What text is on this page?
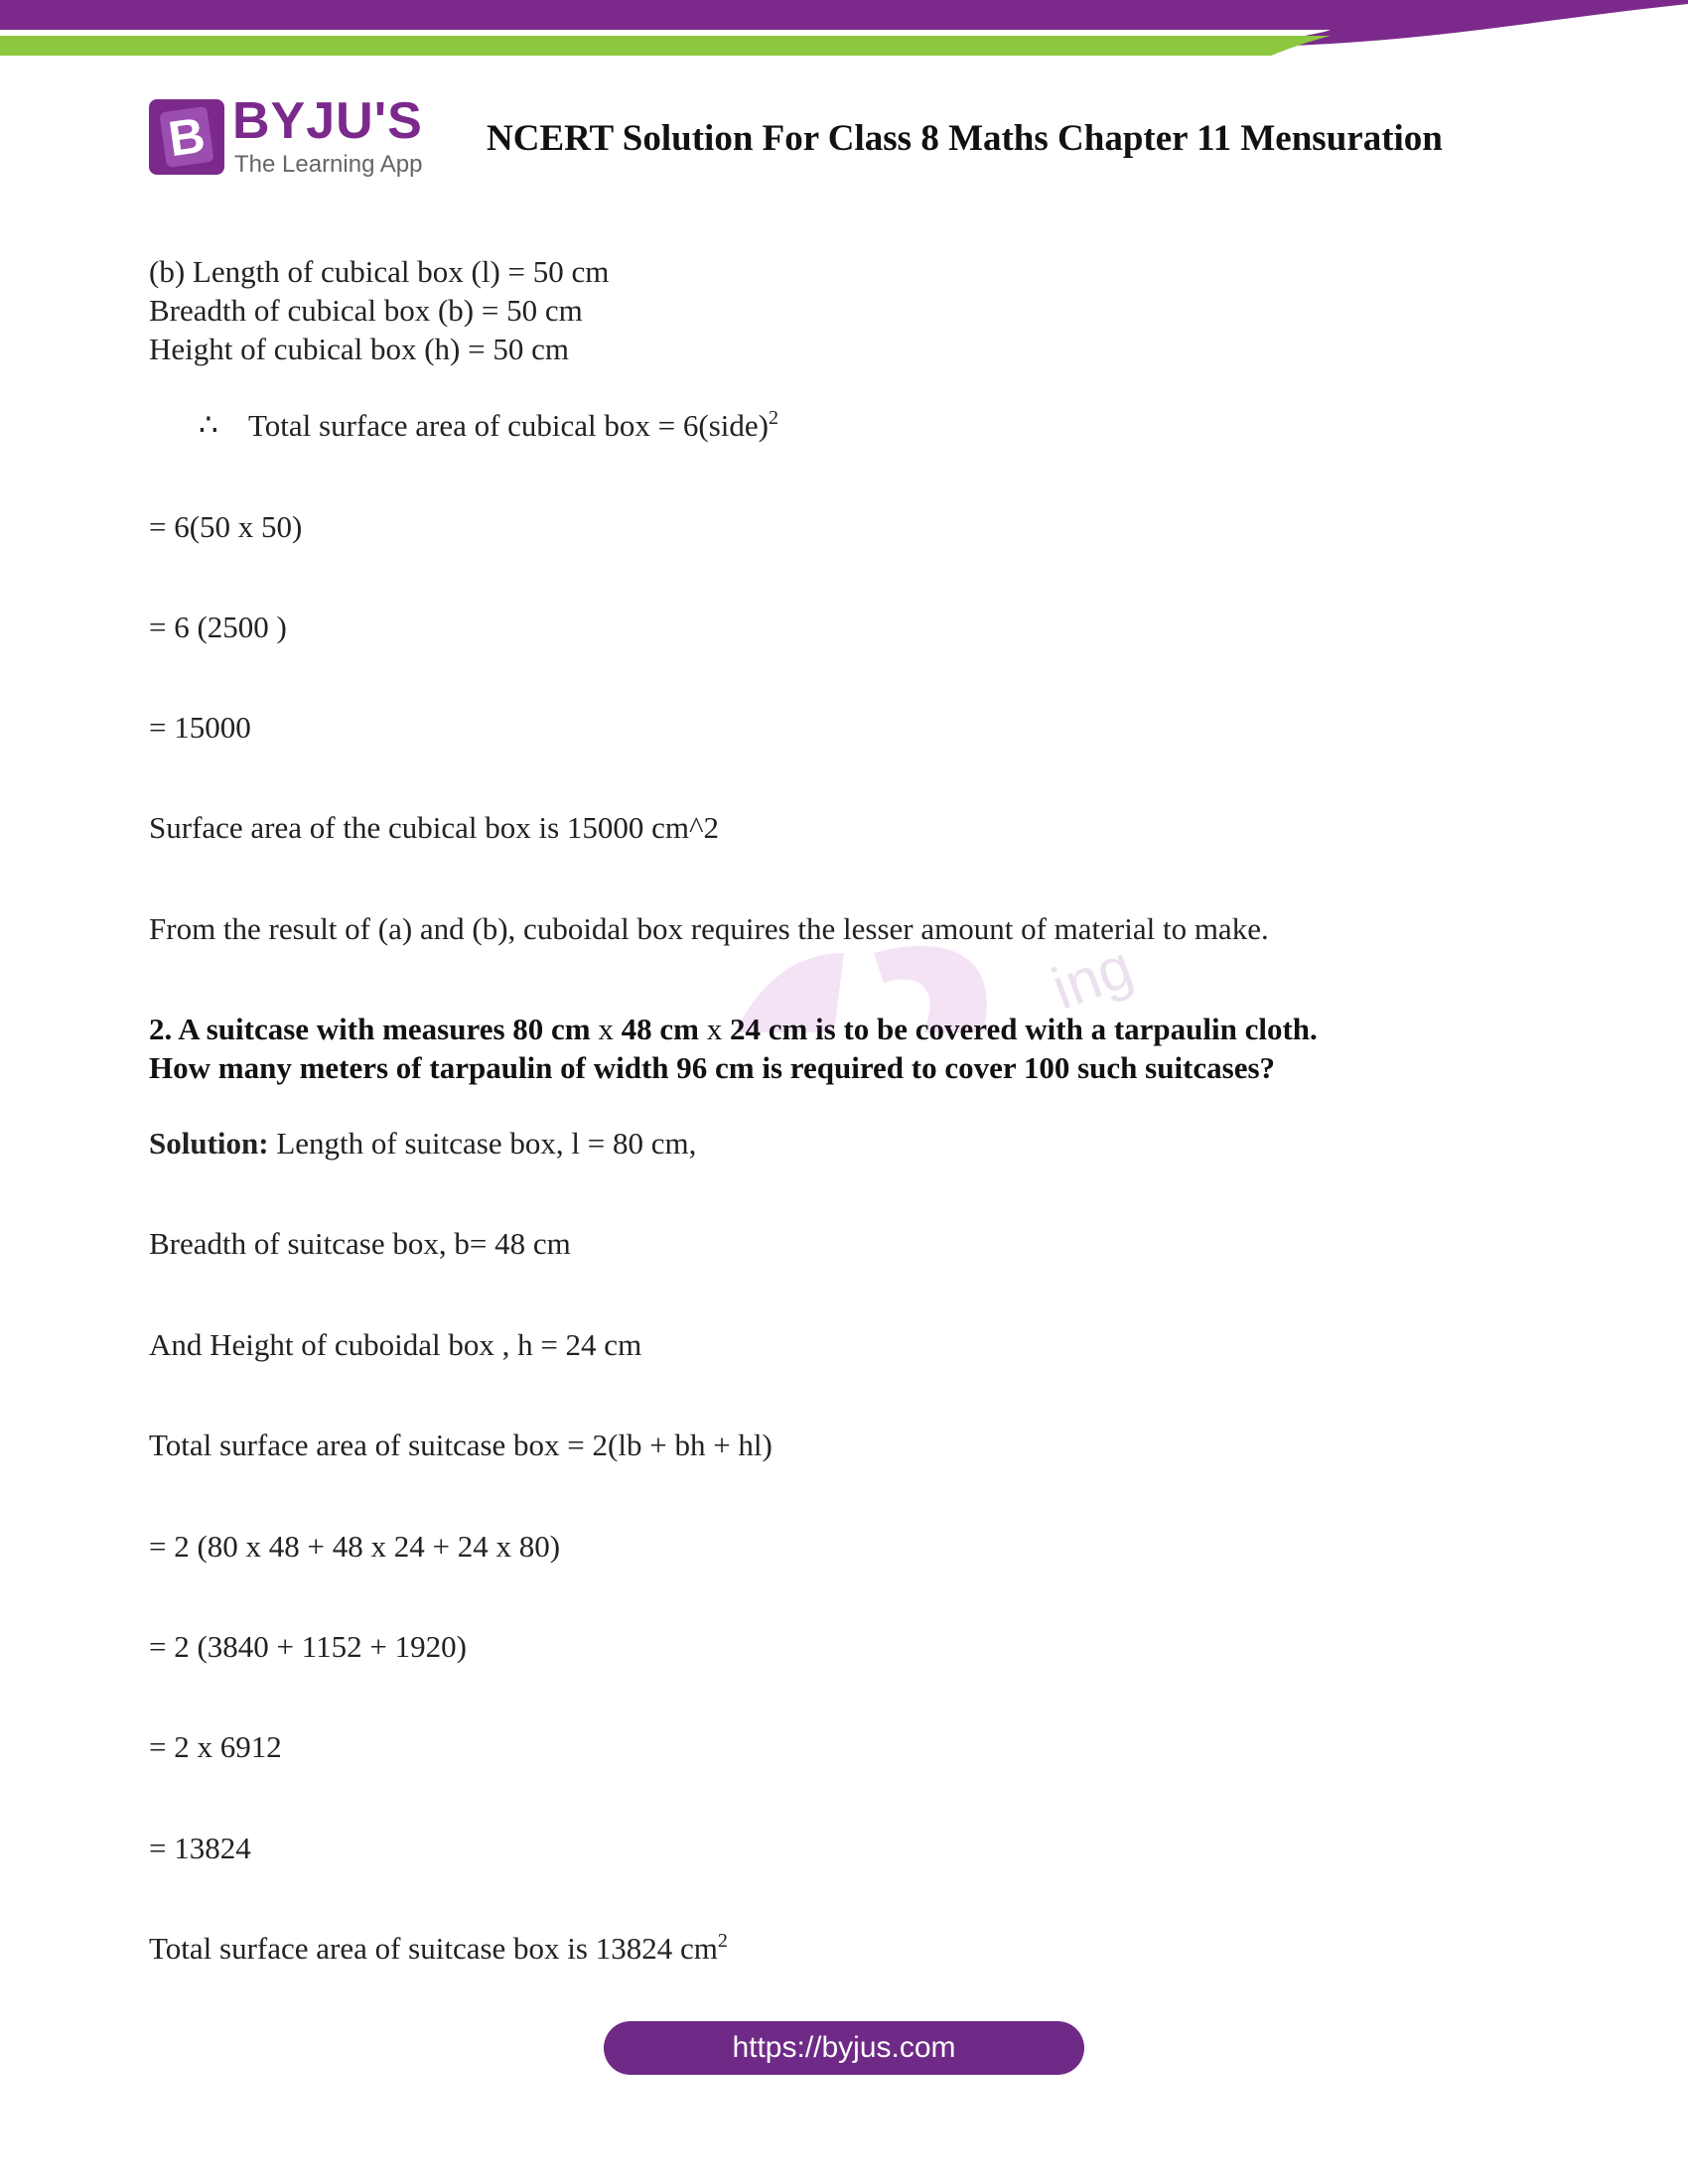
B BYJU'S
The Learning App
NCERT Solution For Class 8 Maths Chapter 11 Mensuration
ing
(b) Length of cubical box (l) = 50 cm
Breadth of cubical box (b) = 50 cm
Height of cubical box (h) = 50 cm
∴ Total surface area of cubical box = 6(side)$^2$
= 6(50 x 50)
= 6 (2500 )
= 15000
Surface area of the cubical box is 15000 cm^2
From the result of (a) and (b), cuboidal box requires the lesser amount of material to make.
2. A suitcase with measures 80 cm x 48 cm x 24 cm is to be covered with a tarpaulin cloth.
How many meters of tarpaulin of width 96 cm is required to cover 100 such suitcases?
Solution: Length of suitcase box, l = 80 cm,
Breadth of suitcase box, b= 48 cm
And Height of cuboidal box , h = 24 cm
Total surface area of suitcase box = 2(lb + bh + hl)
= 2 (80 x 48 + 48 x 24 + 24 x 80)
= 2 (3840 + 1152 + 1920)
= 2 x 6912
= 13824
Total surface area of suitcase box is 13824 $cm^2$
https://byjus.com
